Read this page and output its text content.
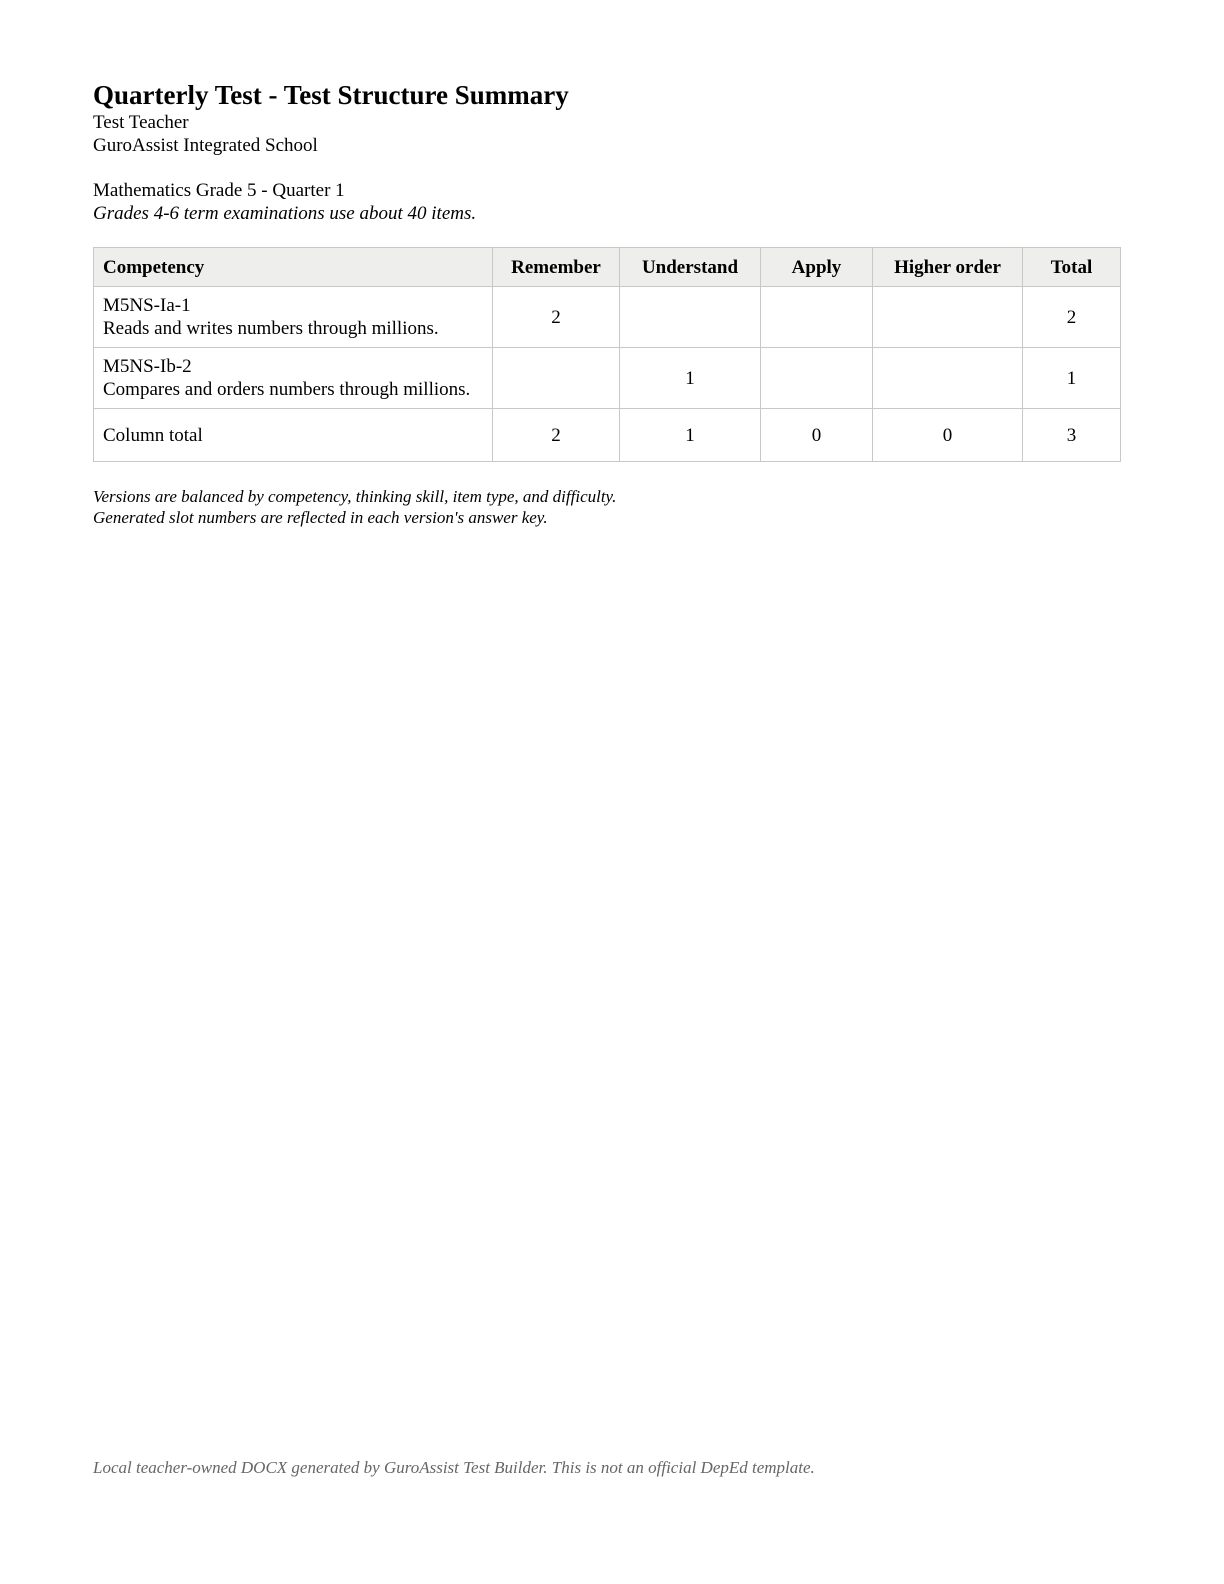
Quarterly Test - Test Structure Summary
Test Teacher
GuroAssist Integrated School
Mathematics Grade 5 - Quarter 1
Grades 4-6 term examinations use about 40 items.
Competency	Remember	Understand	Apply	Higher order	Total

M5NS-Ia-1
Reads and writes numbers through millions.	2				2

M5NS-Ib-2
Compares and orders numbers through millions.		1			1
Column total	2	1	0	0	3
Versions are balanced by competency, thinking skill, item type, and difficulty.
Generated slot numbers are reflected in each version's answer key.
Local teacher-owned DOCX generated by GuroAssist Test Builder. This is not an official DepEd template.
